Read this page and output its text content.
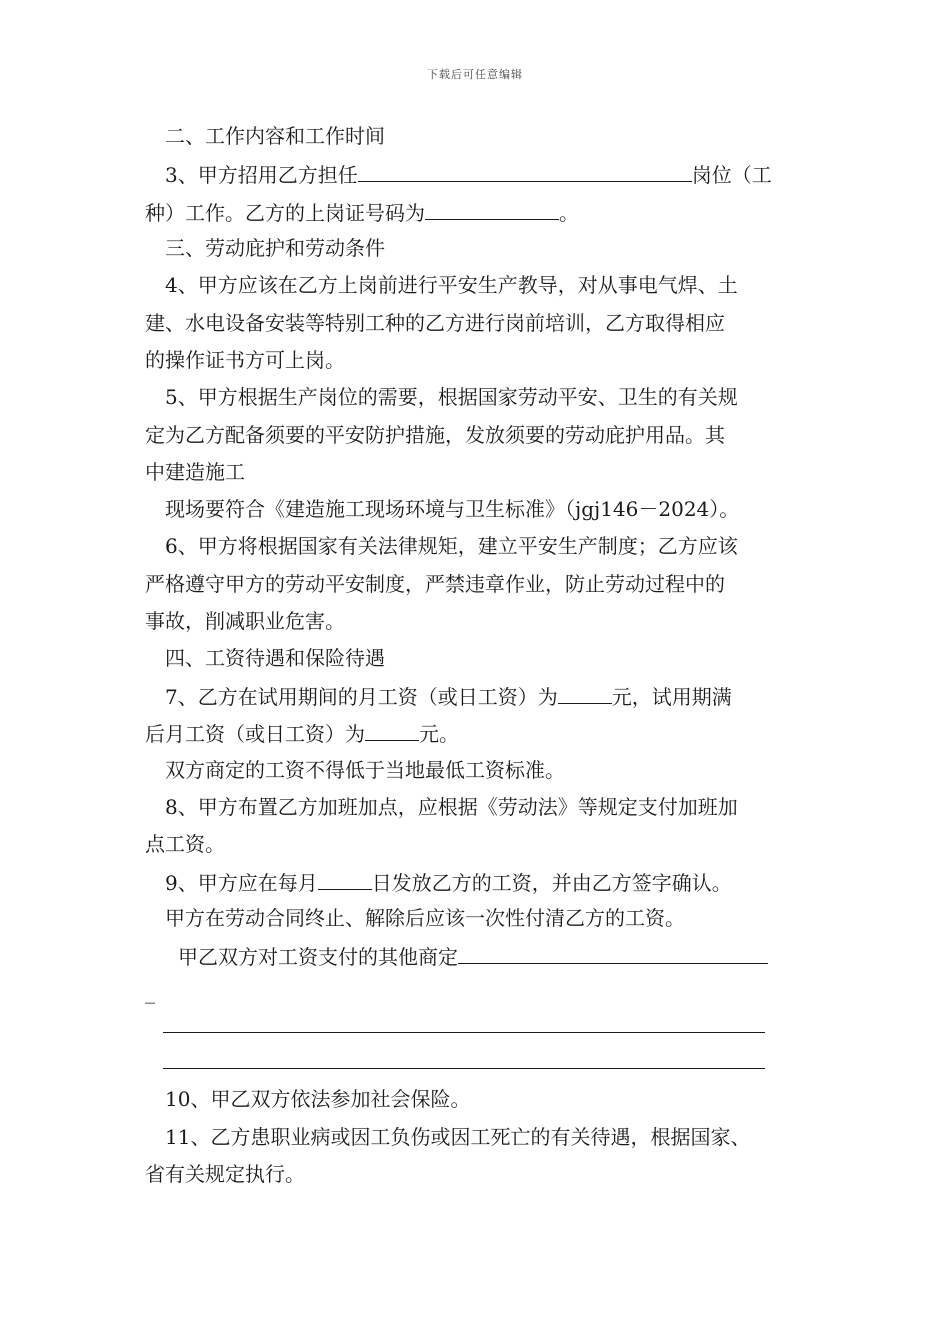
下载后可任意编辑
二、工作内容和工作时间
3、甲方招用乙方担任	岗位（工
种）工作。乙方的上岗证号码为	。
三、劳动庇护和劳动条件
4、甲方应该在乙方上岗前进行平安生产教导，对从事电气焊、土
建、水电设备安装等特别工种的乙方进行岗前培训，乙方取得相应
的操作证书方可上岗。
5、甲方根据生产岗位的需要，根据国家劳动平安、卫生的有关规
定为乙方配备须要的平安防护措施，发放须要的劳动庇护用品。其
中建造施工
现场要符合《建造施工现场环境与卫生标准》（jgj146－2024）。
6、甲方将根据国家有关法律规矩，建立平安生产制度；乙方应该
严格遵守甲方的劳动平安制度，严禁违章作业，防止劳动过程中的
事故，削减职业危害。
四、工资待遇和保险待遇
7、乙方在试用期间的月工资（或日工资）为	元，试用期满
后月工资（或日工资）为	元。
双方商定的工资不得低于当地最低工资标准。
8、甲方布置乙方加班加点，应根据《劳动法》等规定支付加班加
点工资。
9、甲方应在每月	日发放乙方的工资，并由乙方签字确认。
甲方在劳动合同终止、解除后应该一次性付清乙方的工资。
甲乙双方对工资支付的其他商定
_
10、甲乙双方依法参加社会保险。
11、乙方患职业病或因工负伤或因工死亡的有关待遇，根据国家、
省有关规定执行。
